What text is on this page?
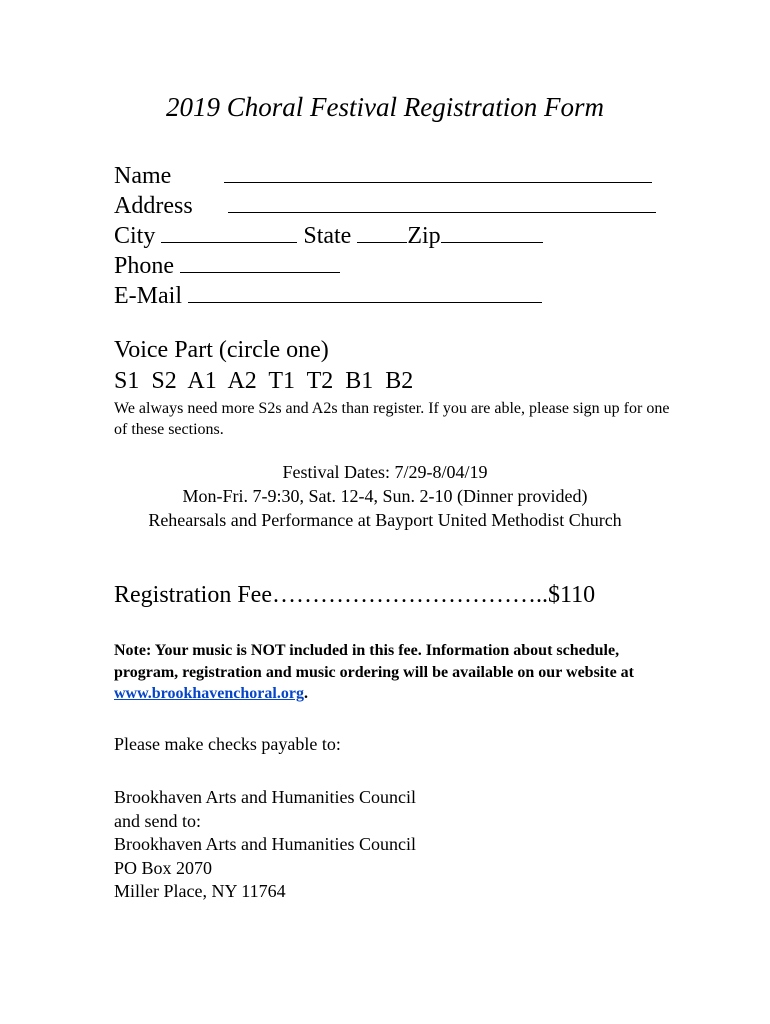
2019 Choral Festival Registration Form
Name
Address
City	State Zip
Phone
E-Mail
Voice Part (circle one)
S1 S2 A1 A2 T1 T2 B1 B2
We always need more S2s and A2s than register. If you are able, please sign up for one of these sections.
Festival Dates: 7/29-8/04/19
Mon-Fri. 7-9:30, Sat. 12-4, Sun. 2-10 (Dinner provided)
Rehearsals and Performance at Bayport United Methodist Church
Registration Fee……………………………..$110
Note: Your music is NOT included in this fee. Information about schedule, program, registration and music ordering will be available on our website at www.brookhavenchoral.org.
Please make checks payable to:
Brookhaven Arts and Humanities Council
and send to:
Brookhaven Arts and Humanities Council
PO Box 2070
Miller Place, NY 11764
